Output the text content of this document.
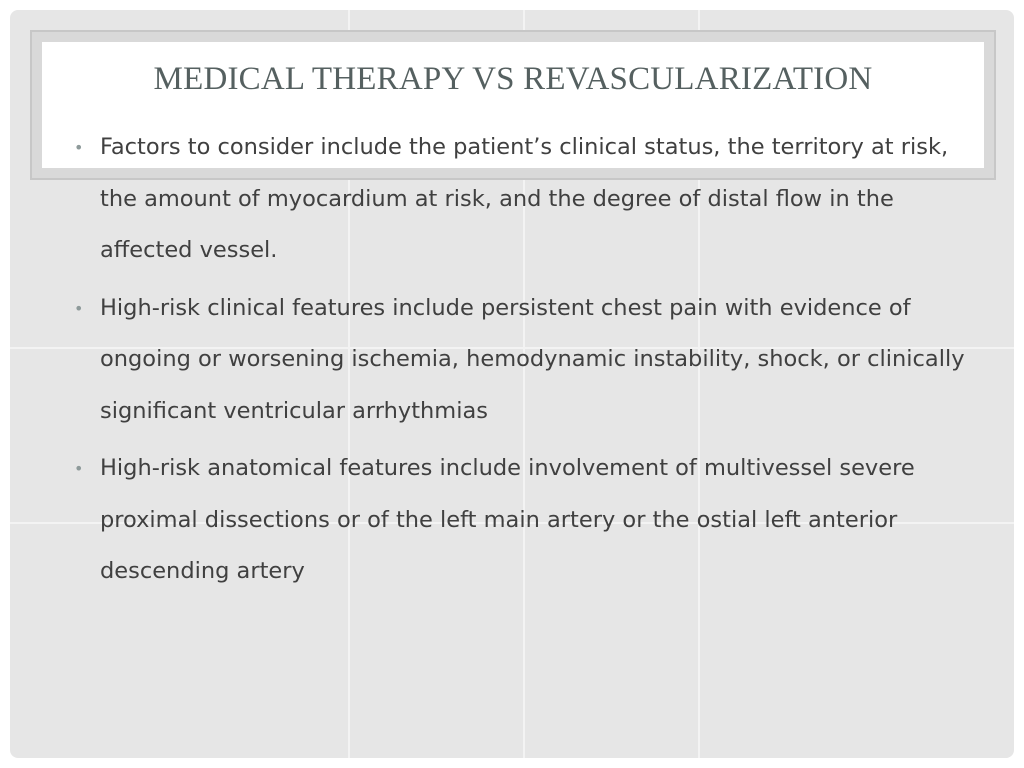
MEDICAL THERAPY VS REVASCULARIZATION
• Factors to consider include the patient’s clinical status, the territory at risk, the amount of myocardium at risk, and the degree of distal flow in the affected vessel.
• High-risk clinical features include persistent chest pain with evidence of ongoing or worsening ischemia, hemodynamic instability, shock, or clinically significant ventricular arrhythmias
• High-risk anatomical features include involvement of multivessel severe proximal dissections or of the left main artery or the ostial left anterior descending artery
